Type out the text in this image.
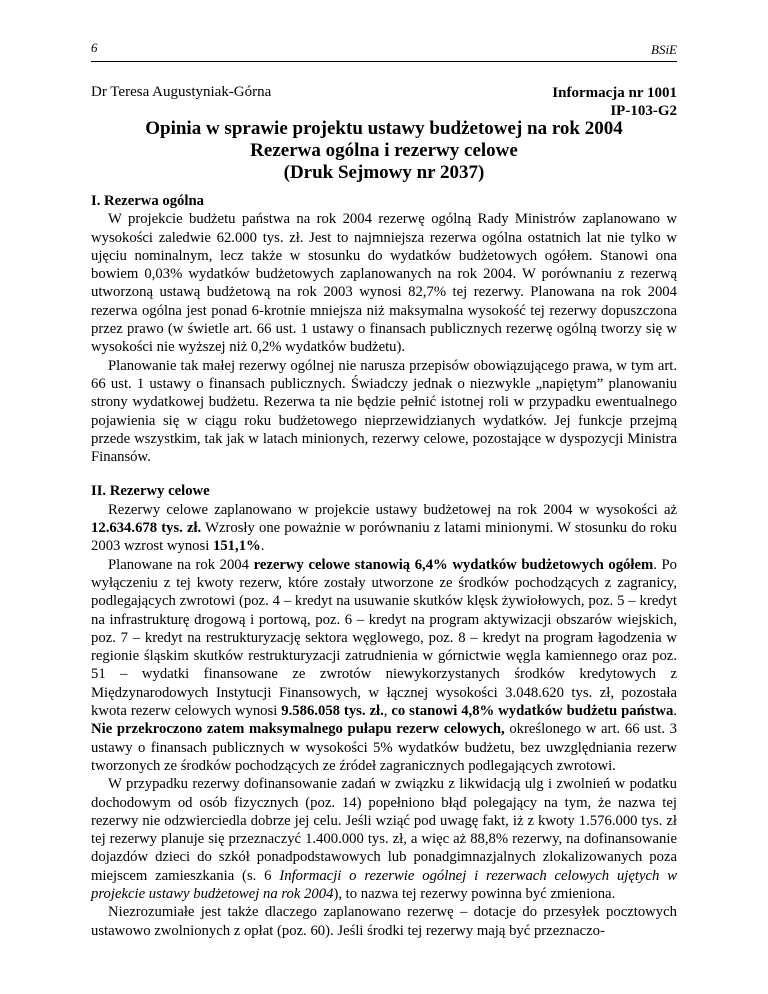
6	BSiE
Dr Teresa Augustyniak-Górna	Informacja nr 1001
IP-103-G2
Opinia w sprawie projektu ustawy budżetowej na rok 2004
Rezerwa ogólna i rezerwy celowe
(Druk Sejmowy nr 2037)
I. Rezerwa ogólna

W projekcie budżetu państwa na rok 2004 rezerwę ogólną Rady Ministrów zaplanowano w wysokości zaledwie 62.000 tys. zł. Jest to najmniejsza rezerwa ogólna ostatnich lat nie tylko w ujęciu nominalnym, lecz także w stosunku do wydatków budżetowych ogółem. Stanowi ona bowiem 0,03% wydatków budżetowych zaplanowanych na rok 2004. W porównaniu z rezerwą utworzoną ustawą budżetową na rok 2003 wynosi 82,7% tej rezerwy. Planowana na rok 2004 rezerwa ogólna jest ponad 6-krotnie mniejsza niż maksymalna wysokość tej rezerwy dopuszczona przez prawo (w świetle art. 66 ust. 1 ustawy o finansach publicznych rezerwę ogólną tworzy się w wysokości nie wyższej niż 0,2% wydatków budżetu).

Planowanie tak małej rezerwy ogólnej nie narusza przepisów obowiązującego prawa, w tym art. 66 ust. 1 ustawy o finansach publicznych. Świadczy jednak o niezwykle „napiętym” planowaniu strony wydatkowej budżetu. Rezerwa ta nie będzie pełnić istotnej roli w przypadku ewentualnego pojawienia się w ciągu roku budżetowego nieprzewidzianych wydatków. Jej funkcje przejmą przede wszystkim, tak jak w latach minionych, rezerwy celowe, pozostające w dyspozycji Ministra Finansów.

II. Rezerwy celowe

Rezerwy celowe zaplanowano w projekcie ustawy budżetowej na rok 2004 w wysokości aż 12.634.678 tys. zł. Wzrosły one poważnie w porównaniu z latami minionymi. W stosunku do roku 2003 wzrost wynosi 151,1%.

Planowane na rok 2004 rezerwy celowe stanowią 6,4% wydatków budżetowych ogółem. Po wyłączeniu z tej kwoty rezerw, które zostały utworzone ze środków pochodzących z zagranicy, podlegających zwrotowi (poz. 4 – kredyt na usuwanie skutków klęsk żywiołowych, poz. 5 – kredyt na infrastrukturę drogową i portową, poz. 6 – kredyt na program aktywizacji obszarów wiejskich, poz. 7 – kredyt na restrukturyzację sektora węglowego, poz. 8 – kredyt na program łagodzenia w regionie śląskim skutków restrukturyzacji zatrudnienia w górnictwie węgla kamiennego oraz poz. 51 – wydatki finansowane ze zwrotów niewykorzystanych środków kredytowych z Międzynarodowych Instytucji Finansowych, w łącznej wysokości 3.048.620 tys. zł, pozostała kwota rezerw celowych wynosi 9.586.058 tys. zł., co stanowi 4,8% wydatków budżetu państwa. Nie przekroczono zatem maksymalnego pułapu rezerw celowych, określonego w art. 66 ust. 3 ustawy o finansach publicznych w wysokości 5% wydatków budżetu, bez uwzględniania rezerw tworzonych ze środków pochodzących ze źródeł zagranicznych podlegających zwrotowi.

W przypadku rezerwy dofinansowanie zadań w związku z likwidacją ulg i zwolnień w podatku dochodowym od osób fizycznych (poz. 14) popełniono błąd polegający na tym, że nazwa tej rezerwy nie odzwierciedla dobrze jej celu. Jeśli wziąć pod uwagę fakt, iż z kwoty 1.576.000 tys. zł tej rezerwy planuje się przeznaczyć 1.400.000 tys. zł, a więc aż 88,8% rezerwy, na dofinansowanie dojazdów dzieci do szkół ponadpodstawowych lub ponadgimnazjalnych zlokalizowanych poza miejscem zamieszkania (s. 6 Informacji o rezerwie ogólnej i rezerwach celowych ujętych w projekcie ustawy budżetowej na rok 2004), to nazwa tej rezerwy powinna być zmieniona.

Niezrozumiałe jest także dlaczego zaplanowano rezerwę – dotacje do przesyłek pocztowych ustawowo zwolnionych z opłat (poz. 60). Jeśli środki tej rezerwy mają być przeznaczo-
